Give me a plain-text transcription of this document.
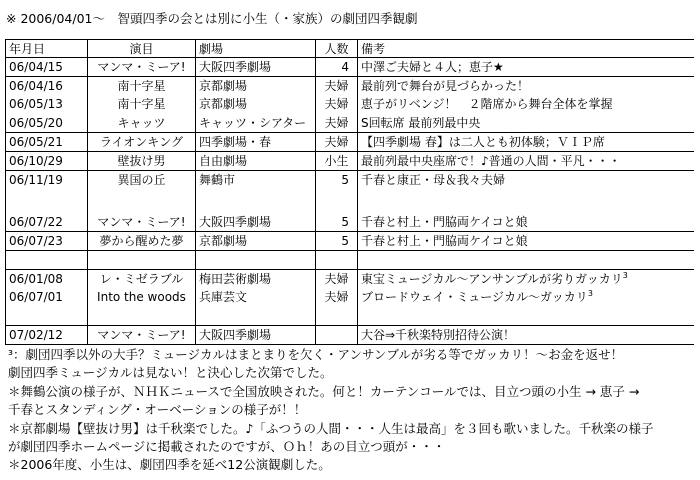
※ 2006/04/01～　智頭四季の会とは別に小生（・家族）の劇団四季観劇
年月日	演目	劇場	人数	備考
06/04/15	マンマ・ミーア!	大阪四季劇場	4	中澤ご夫婦と４人；恵子★
06/04/16	南十字星	京都劇場	夫婦	最前列で舞台が見づらかった！
06/05/13	南十字星	京都劇場	夫婦	恵子がリベンジ！　２階席から舞台全体を掌握
06/05/20	キャッツ	キャッツ・シアター	夫婦	S回転席 最前列最中央
06/05/21	ライオンキング	四季劇場・春	夫婦	【四季劇場 春】は二人とも初体験；ＶＩＰ席
06/10/29	壁抜け男	自由劇場	小生	最前列最中央座席で！♪普通の人間・平凡・・・
06/11/19	異国の丘	舞鶴市	5	千春と康正・母＆我々夫婦

06/07/22	マンマ・ミーア!	大阪四季劇場	5	千春と村上・門脇両ケイコと娘
06/07/23	夢から醒めた夢	京都劇場	5	千春と村上・門脇両ケイコと娘

06/01/08	レ・ミゼラブル	梅田芸術劇場	夫婦	東宝ミュージカル～アンサンブルが劣りガッカリ$^3$
06/07/01	Into the woods	兵庫芸文	夫婦	ブロードウェイ・ミュージカル～ガッカリ$^3$

07/02/12	マンマ・ミーア!	大阪四季劇場		大谷⇒千秋楽特別招待公演！
³：劇団四季以外の大手？ミュージカルはまとまりを欠く・アンサンブルが劣る等でガッカリ！～お金を返せ！
劇団四季ミュージカルは見ない！と決心した次第でした。
＊舞鶴公演の様子が、ＮＨＫニュースで全国放映された。何と！カーテンコールでは、目立つ頭の小生 → 恵子 →
千春とスタンディング・オーベーションの様子が！！
＊京都劇場【壁抜け男】は千秋楽でした。♪「ふつうの人間・・・人生は最高」を３回も歌いました。千秋楽の様子
が劇団四季ホームページに掲載されたのですが、Ｏｈ！あの目立つ頭が・・・
＊2006年度、小生は、劇団四季を延べ12公演観劇した。
